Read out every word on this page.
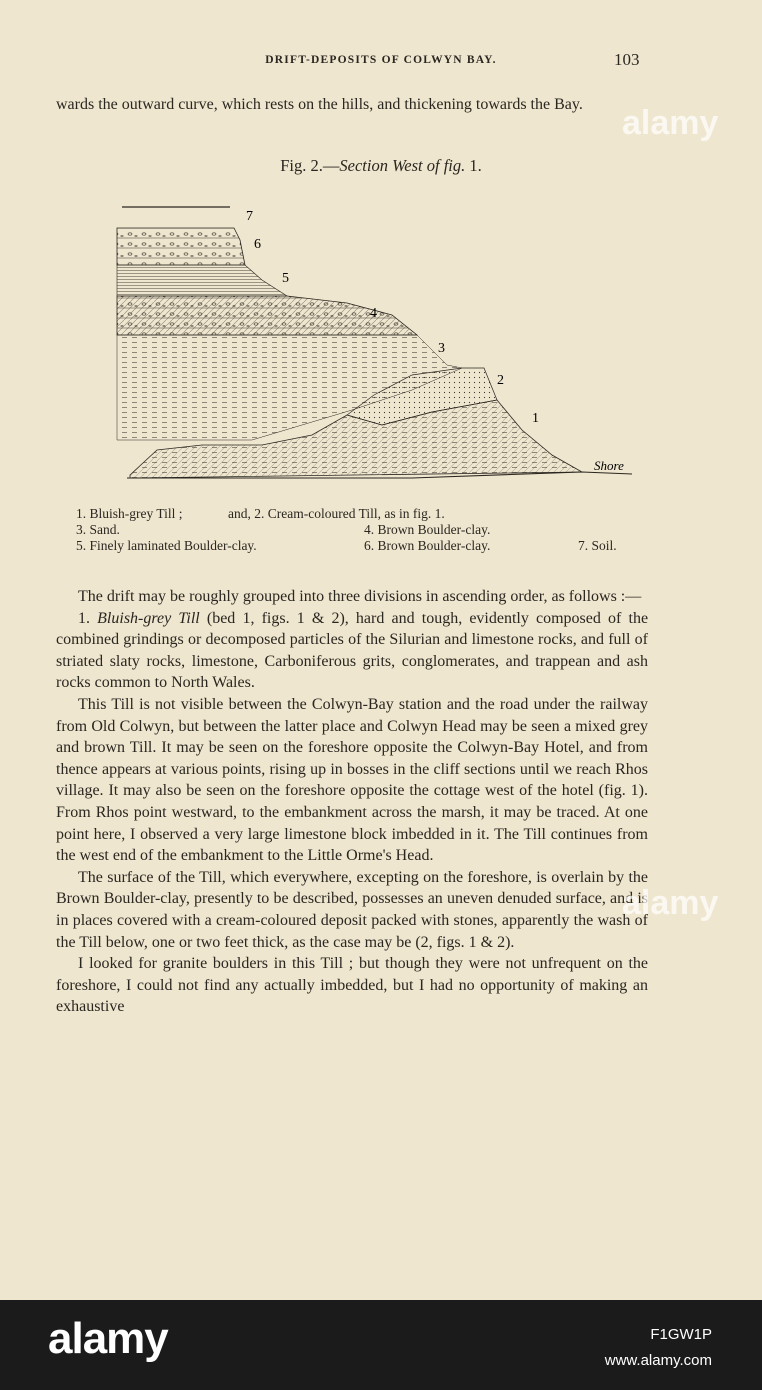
DRIFT-DEPOSITS OF COLWYN BAY.	103
wards the outward curve, which rests on the hills, and thickening towards the Bay.
Fig. 2.—Section West of fig. 1.
7
6
5
4
3
2
1
Shore
1. Bluish-grey Till ;	and, 2. Cream-coloured Till, as in fig. 1.
3. Sand.	4. Brown Boulder-clay.
5. Finely laminated Boulder-clay.	6. Brown Boulder-clay.	7. Soil.

The drift may be roughly grouped into three divisions in ascending order, as follows :—

1. Bluish-grey Till (bed 1, figs. 1 & 2), hard and tough, evidently composed of the combined grindings or decomposed particles of the Silurian and limestone rocks, and full of striated slaty rocks, limestone, Carboniferous grits, conglomerates, and trappean and ash rocks common to North Wales.

This Till is not visible between the Colwyn-Bay station and the road under the railway from Old Colwyn, but between the latter place and Colwyn Head may be seen a mixed grey and brown Till. It may be seen on the foreshore opposite the Colwyn-Bay Hotel, and from thence appears at various points, rising up in bosses in the cliff sections until we reach Rhos village. It may also be seen on the foreshore opposite the cottage west of the hotel (fig. 1). From Rhos point westward, to the embankment across the marsh, it may be traced. At one point here, I observed a very large limestone block imbedded in it. The Till continues from the west end of the embankment to the Little Orme's Head.

The surface of the Till, which everywhere, excepting on the foreshore, is overlain by the Brown Boulder-clay, presently to be described, possesses an uneven denuded surface, and is in places covered with a cream-coloured deposit packed with stones, apparently the wash of the Till below, one or two feet thick, as the case may be (2, figs. 1 & 2).

I looked for granite boulders in this Till ; but though they were not unfrequent on the foreshore, I could not find any actually imbedded, but I had no opportunity of making an exhaustive

alamy
alamy
alamy	F1GW1P
www.alamy.com
